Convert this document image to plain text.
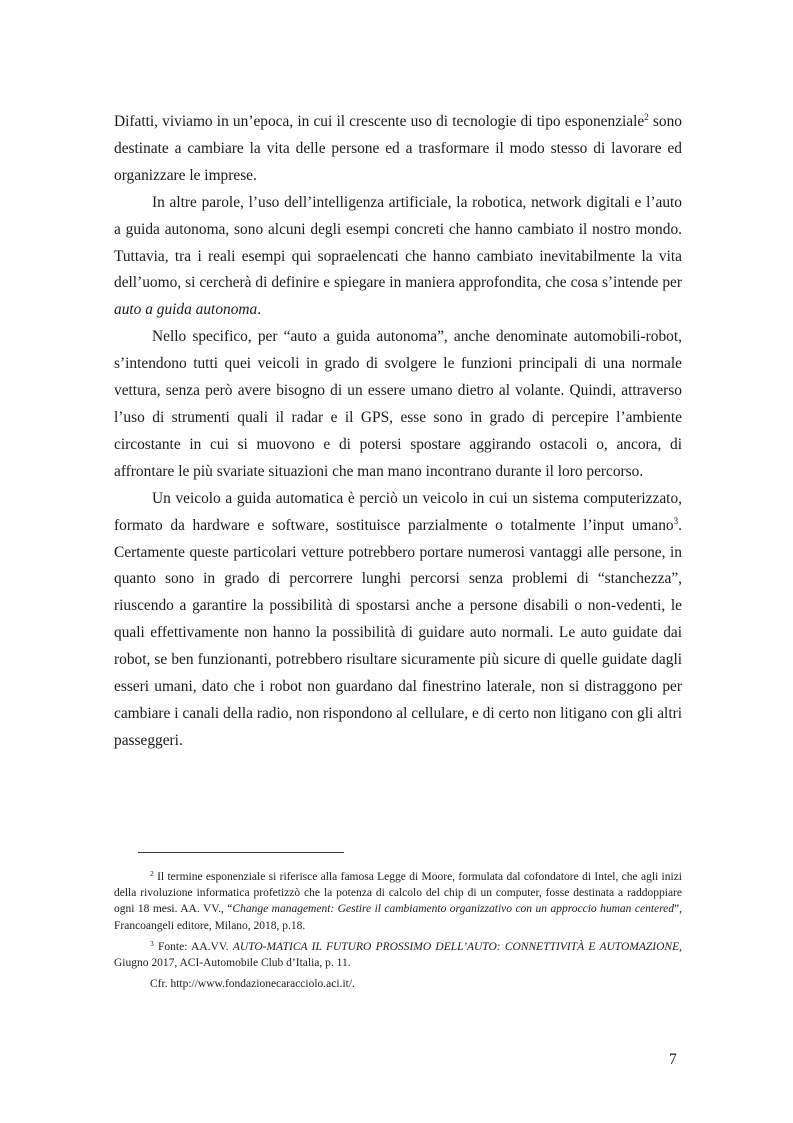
Difatti, viviamo in un’epoca, in cui il crescente uso di tecnologie di tipo esponenziale$^2$ sono destinate a cambiare la vita delle persone ed a trasformare il modo stesso di lavorare ed organizzare le imprese.

In altre parole, l’uso dell’intelligenza artificiale, la robotica, network digitali e l’auto a guida autonoma, sono alcuni degli esempi concreti che hanno cambiato il nostro mondo. Tuttavia, tra i reali esempi qui sopraelencati che hanno cambiato inevitabilmente la vita dell’uomo, si cercherà di definire e spiegare in maniera approfondita, che cosa s’intende per auto a guida autonoma.

Nello specifico, per “auto a guida autonoma”, anche denominate automobili-robot, s’intendono tutti quei veicoli in grado di svolgere le funzioni principali di una normale vettura, senza però avere bisogno di un essere umano dietro al volante. Quindi, attraverso l’uso di strumenti quali il radar e il GPS, esse sono in grado di percepire l’ambiente circostante in cui si muovono e di potersi spostare aggirando ostacoli o, ancora, di affrontare le più svariate situazioni che man mano incontrano durante il loro percorso.

Un veicolo a guida automatica è perciò un veicolo in cui un sistema computerizzato, formato da hardware e software, sostituisce parzialmente o totalmente l’input umano$^3$. Certamente queste particolari vetture potrebbero portare numerosi vantaggi alle persone, in quanto sono in grado di percorrere lunghi percorsi senza problemi di “stanchezza”, riuscendo a garantire la possibilità di spostarsi anche a persone disabili o non-vedenti, le quali effettivamente non hanno la possibilità di guidare auto normali. Le auto guidate dai robot, se ben funzionanti, potrebbero risultare sicuramente più sicure di quelle guidate dagli esseri umani, dato che i robot non guardano dal finestrino laterale, non si distraggono per cambiare i canali della radio, non rispondono al cellulare, e di certo non litigano con gli altri passeggeri.

$^2$ Il termine esponenziale si riferisce alla famosa Legge di Moore, formulata dal cofondatore di Intel, che agli inizi della rivoluzione informatica profetizzò che la potenza di calcolo del chip di un computer, fosse destinata a raddoppiare ogni 18 mesi. AA. VV., “Change management: Gestire il cambiamento organizzativo con un approccio human centered”, Francoangeli editore, Milano, 2018, p.18.

$^3$ Fonte: AA.VV. AUTO-MATICA IL FUTURO PROSSIMO DELL’AUTO: CONNETTIVITÀ E AUTOMAZIONE, Giugno 2017, ACI-Automobile Club d’Italia, p. 11.

Cfr. http://www.fondazionecaracciolo.aci.it/.

7
